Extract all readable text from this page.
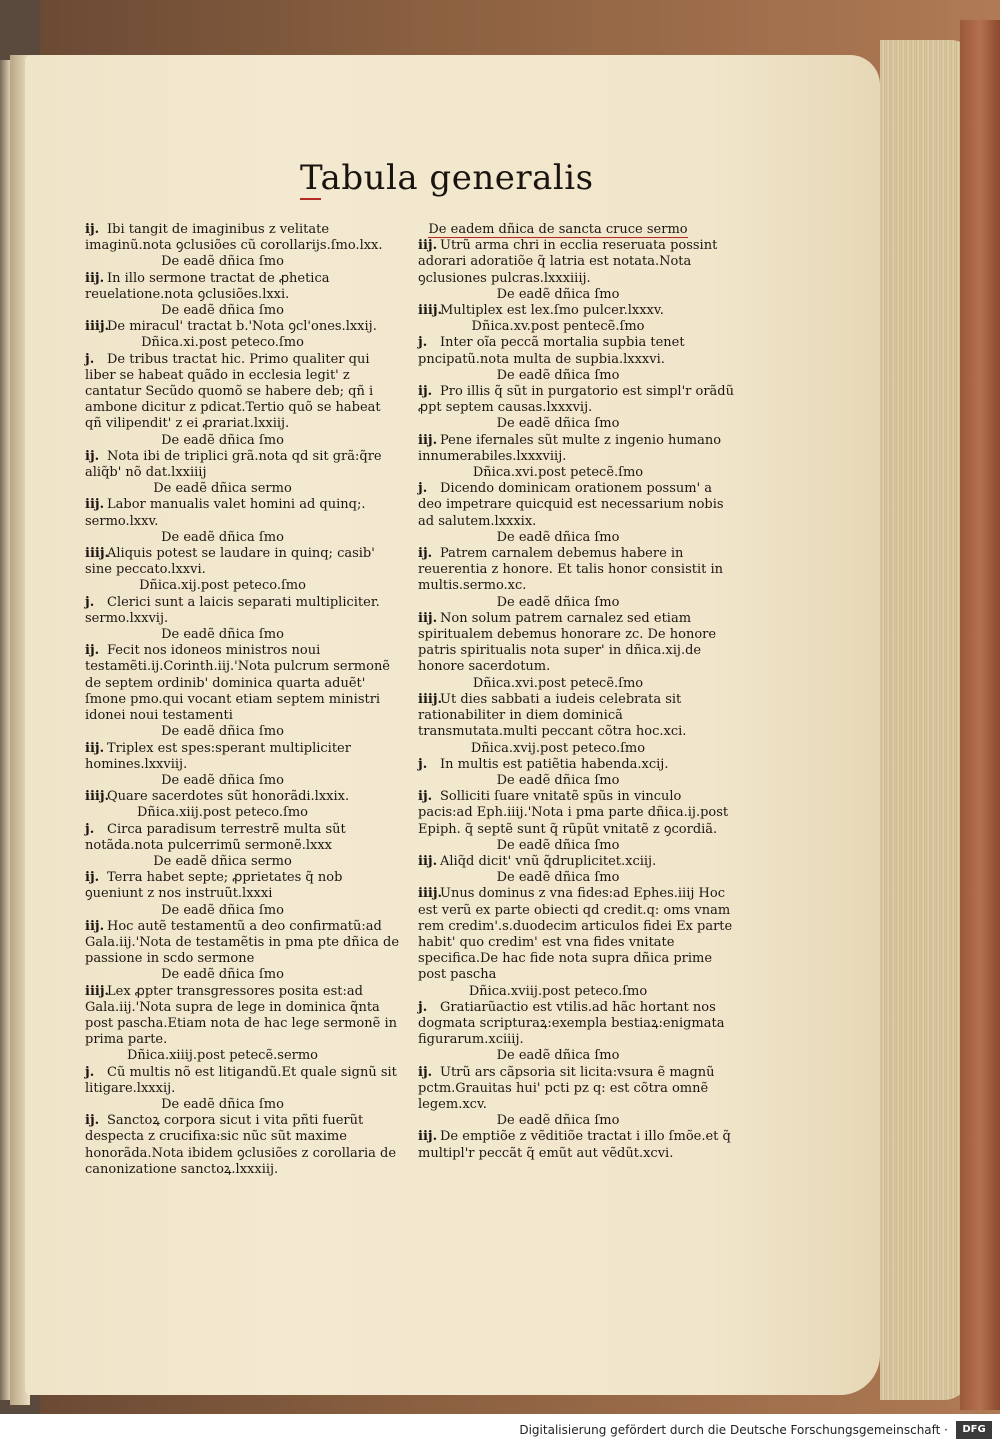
Tabula generalis

ij. Ibi tangit de imaginibus z velitate imaginũ.nota ꝯclusiões cũ corollarijs.ſmo.lxx.

De eadẽ dñica ſmo

iij. In illo sermone tractat de ꝓhetica reuelatione.nota ꝯclusiões.lxxi.

De eadẽ dñica ſmo

iiij.De miracul' tractat b.'Nota ꝯcl'ones.lxxij.

Dñica.xi.post peteco.ſmo

j. De tribus tractat hic. Primo qualiter qui liber se habeat quãdo in ecclesia legit' z cantatur Secũdo quomõ se habere deb; qñ i ambone dicitur z pdicat.Tertio quõ se habeat qñ vilipendit' z ei ꝓrariat.lxxiij.

De eadẽ dñica ſmo

ij. Nota ibi de triplici grã.nota qd sit grã:q̃re aliq̃b' nõ dat.lxxiiij

De eadẽ dñica sermo

iij. Labor manualis valet homini ad quinq;. sermo.lxxv.

De eadẽ dñica ſmo

iiij.Aliquis potest se laudare in quinq; casib' sine peccato.lxxvi.

Dñica.xij.post peteco.ſmo

j. Clerici sunt a laicis separati multipliciter. sermo.lxxvij.

De eadẽ dñica ſmo

ij. Fecit nos idoneos ministros noui testamẽti.ij.Corinth.iij.'Nota pulcrum sermonẽ de septem ordinib' dominica quarta aduẽt' ſmone pmo.qui vocant etiam septem ministri idonei noui testamenti

De eadẽ dñica ſmo

iij. Triplex est spes:sperant multipliciter homines.lxxviij.

De eadẽ dñica ſmo

iiij.Quare sacerdotes sũt honorãdi.lxxix.

Dñica.xiij.post peteco.ſmo

j. Circa paradisum terrestrẽ multa sũt notãda.nota pulcerrimũ sermonẽ.lxxx

De eadẽ dñica sermo

ij. Terra habet septe; ꝓprietates q̃ nob ꝯueniunt z nos instruũt.lxxxi

De eadẽ dñica ſmo

iij. Hoc autẽ testamentũ a deo confirmatũ:ad Gala.iij.'Nota de testamẽtis in pma pte dñica de passione in scdo sermone

De eadẽ dñica ſmo

iiij.Lex ꝓpter transgressores posita est:ad Gala.iij.'Nota supra de lege in dominica q̃nta post pascha.Etiam nota de hac lege sermonẽ in prima parte.

Dñica.xiiij.post petecẽ.sermo

j. Cũ multis nõ est litigandũ.Et quale signũ sit litigare.lxxxij.

De eadẽ dñica ſmo

ij. Sanctoꝝ corpora sicut i vita pñti fuerũt despecta z crucifixa:sic nũc sũt maxime honorãda.Nota ibidem ꝯclusiões z corollaria de canonizatione sanctoꝝ.lxxxiij.

De eadem dñica de sancta cruce sermo

iij. Utrũ arma chri in ecclia reseruata possint adorari adoratiõe q̃ latria est notata.Nota ꝯclusiones pulcras.lxxxiiij.

De eadẽ dñica ſmo

iiij.Multiplex est lex.ſmo pulcer.lxxxv.

Dñica.xv.post pentecẽ.ſmo

j. Inter oĩa peccã mortalia supbia tenet pncipatũ.nota multa de supbia.lxxxvi.

De eadẽ dñica ſmo

ij. Pro illis q̃ sũt in purgatorio est simpl'r orãdũ ꝓpt septem causas.lxxxvij.

De eadẽ dñica ſmo

iij. Pene ifernales sũt multe z ingenio humano innumerabiles.lxxxviij.

Dñica.xvi.post petecẽ.ſmo

j. Dicendo dominicam orationem possum' a deo impetrare quicquid est necessarium nobis ad salutem.lxxxix.

De eadẽ dñica ſmo

ij. Patrem carnalem debemus habere in reuerentia z honore. Et talis honor consistit in multis.sermo.xc.

De eadẽ dñica ſmo

iij. Non solum patrem carnalez sed etiam spiritualem debemus honorare zc. De honore patris spiritualis nota super' in dñica.xij.de honore sacerdotum.

Dñica.xvi.post petecẽ.ſmo

iiij.Ut dies sabbati a iudeis celebrata sit rationabiliter in diem dominicã transmutata.multi peccant cõtra hoc.xci.

Dñica.xvij.post peteco.ſmo

j. In multis est patiẽtia habenda.xcij.

De eadẽ dñica ſmo

ij. Solliciti ſuare vnitatẽ spũs in vinculo pacis:ad Eph.iiij.'Nota i pma parte dñica.ij.post Epiph. q̃ septẽ sunt q̃ rũpũt vnitatẽ z ꝯcordiã.

De eadẽ dñica ſmo

iij. Aliq̃d dicit' vnũ q̃druplicitet.xciij.

De eadẽ dñica ſmo

iiij.Unus dominus z vna fides:ad Ephes.iiij Hoc est verũ ex parte obiecti qd credit.q: oms vnam rem credim'.s.duodecim articulos fidei Ex parte habit' quo credim' est vna fides vnitate specifica.De hac fide nota supra dñica prime post pascha

Dñica.xviij.post peteco.ſmo

j. Gratiarũactio est vtilis.ad hãc hortant nos dogmata scripturaꝝ:exempla bestiaꝝ:enigmata figurarum.xciiij.

De eadẽ dñica ſmo

ij. Utrũ ars cãpsoria sit licita:vsura ẽ magnũ pctm.Grauitas hui' pcti pz q: est cõtra omnẽ legem.xcv.

De eadẽ dñica ſmo

iij. De emptiõe z vẽditiõe tractat i illo ſmõe.et q̃ multipl'r peccãt q̃ emũt aut vẽdũt.xcvi.

Digitalisierung gefördert durch die Deutsche Forschungsgemeinschaft ·	DFG
